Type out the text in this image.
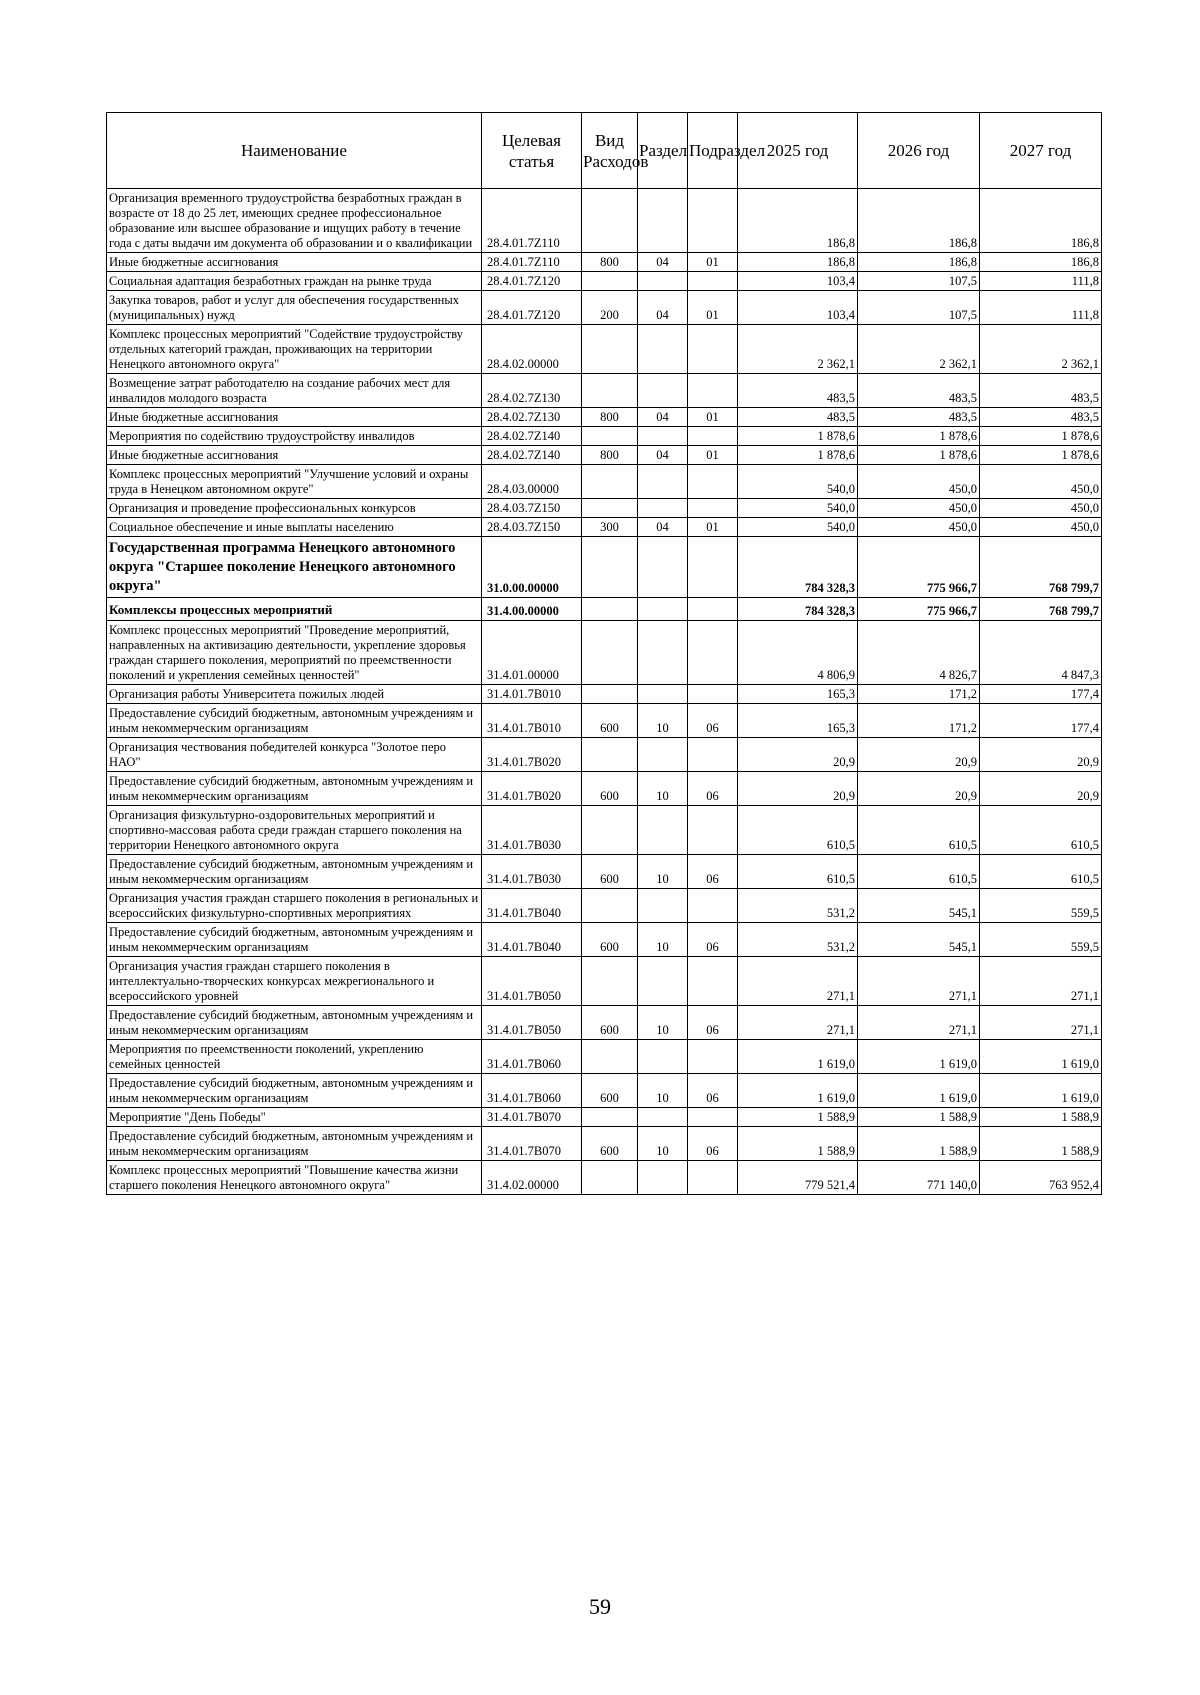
Наименование	Целевая статья	Вид Расходов	Раздел	Подраздел	2025 год	2026 год	2027 год
Организация временного трудоустройства безработных граждан в возрасте от 18 до 25 лет, имеющих среднее профессиональное образование или высшее образование и ищущих работу в течение года с даты выдачи им документа об образовании и о квалификации	28.4.01.7Z110				186,8	186,8	186,8
Иные бюджетные ассигнования	28.4.01.7Z110	800	04	01	186,8	186,8	186,8
Социальная адаптация безработных граждан на рынке труда	28.4.01.7Z120				103,4	107,5	111,8
Закупка товаров, работ и услуг для обеспечения государственных (муниципальных) нужд	28.4.01.7Z120	200	04	01	103,4	107,5	111,8
Комплекс процессных мероприятий "Содействие трудоустройству отдельных категорий граждан, проживающих на территории Ненецкого автономного округа"	28.4.02.00000				2 362,1	2 362,1	2 362,1
Возмещение затрат работодателю на создание рабочих мест для инвалидов молодого возраста	28.4.02.7Z130				483,5	483,5	483,5
Иные бюджетные ассигнования	28.4.02.7Z130	800	04	01	483,5	483,5	483,5
Мероприятия по содействию трудоустройству инвалидов	28.4.02.7Z140				1 878,6	1 878,6	1 878,6
Иные бюджетные ассигнования	28.4.02.7Z140	800	04	01	1 878,6	1 878,6	1 878,6
Комплекс процессных мероприятий "Улучшение условий и охраны труда в Ненецком автономном округе"	28.4.03.00000				540,0	450,0	450,0
Организация и проведение профессиональных конкурсов	28.4.03.7Z150				540,0	450,0	450,0
Социальное обеспечение и иные выплаты населению	28.4.03.7Z150	300	04	01	540,0	450,0	450,0
Государственная программа Ненецкого автономного округа "Старшее поколение Ненецкого автономного округа"	31.0.00.00000				784 328,3	775 966,7	768 799,7
Комплексы процессных мероприятий	31.4.00.00000				784 328,3	775 966,7	768 799,7
Комплекс процессных мероприятий "Проведение мероприятий, направленных на активизацию деятельности, укрепление здоровья граждан старшего поколения, мероприятий по преемственности поколений и укрепления семейных ценностей"	31.4.01.00000				4 806,9	4 826,7	4 847,3
Организация работы Университета пожилых людей	31.4.01.7B010				165,3	171,2	177,4
Предоставление субсидий бюджетным, автономным учреждениям и иным некоммерческим организациям	31.4.01.7B010	600	10	06	165,3	171,2	177,4
Организация чествования победителей конкурса "Золотое перо НАО"	31.4.01.7B020				20,9	20,9	20,9
Предоставление субсидий бюджетным, автономным учреждениям и иным некоммерческим организациям	31.4.01.7B020	600	10	06	20,9	20,9	20,9
Организация физкультурно-оздоровительных мероприятий и спортивно-массовая работа среди граждан старшего поколения на территории Ненецкого автономного округа	31.4.01.7B030				610,5	610,5	610,5
Предоставление субсидий бюджетным, автономным учреждениям и иным некоммерческим организациям	31.4.01.7B030	600	10	06	610,5	610,5	610,5
Организация участия граждан старшего поколения в региональных и всероссийских физкультурно-спортивных мероприятиях	31.4.01.7B040				531,2	545,1	559,5
Предоставление субсидий бюджетным, автономным учреждениям и иным некоммерческим организациям	31.4.01.7B040	600	10	06	531,2	545,1	559,5
Организация участия граждан старшего поколения в интеллектуально-творческих конкурсах межрегионального и всероссийского уровней	31.4.01.7B050				271,1	271,1	271,1
Предоставление субсидий бюджетным, автономным учреждениям и иным некоммерческим организациям	31.4.01.7B050	600	10	06	271,1	271,1	271,1
Мероприятия по преемственности поколений, укреплению семейных ценностей	31.4.01.7B060				1 619,0	1 619,0	1 619,0
Предоставление субсидий бюджетным, автономным учреждениям и иным некоммерческим организациям	31.4.01.7B060	600	10	06	1 619,0	1 619,0	1 619,0
Мероприятие "День Победы"	31.4.01.7B070				1 588,9	1 588,9	1 588,9
Предоставление субсидий бюджетным, автономным учреждениям и иным некоммерческим организациям	31.4.01.7B070	600	10	06	1 588,9	1 588,9	1 588,9
Комплекс процессных мероприятий "Повышение качества жизни старшего поколения Ненецкого автономного округа"	31.4.02.00000				779 521,4	771 140,0	763 952,4
59
